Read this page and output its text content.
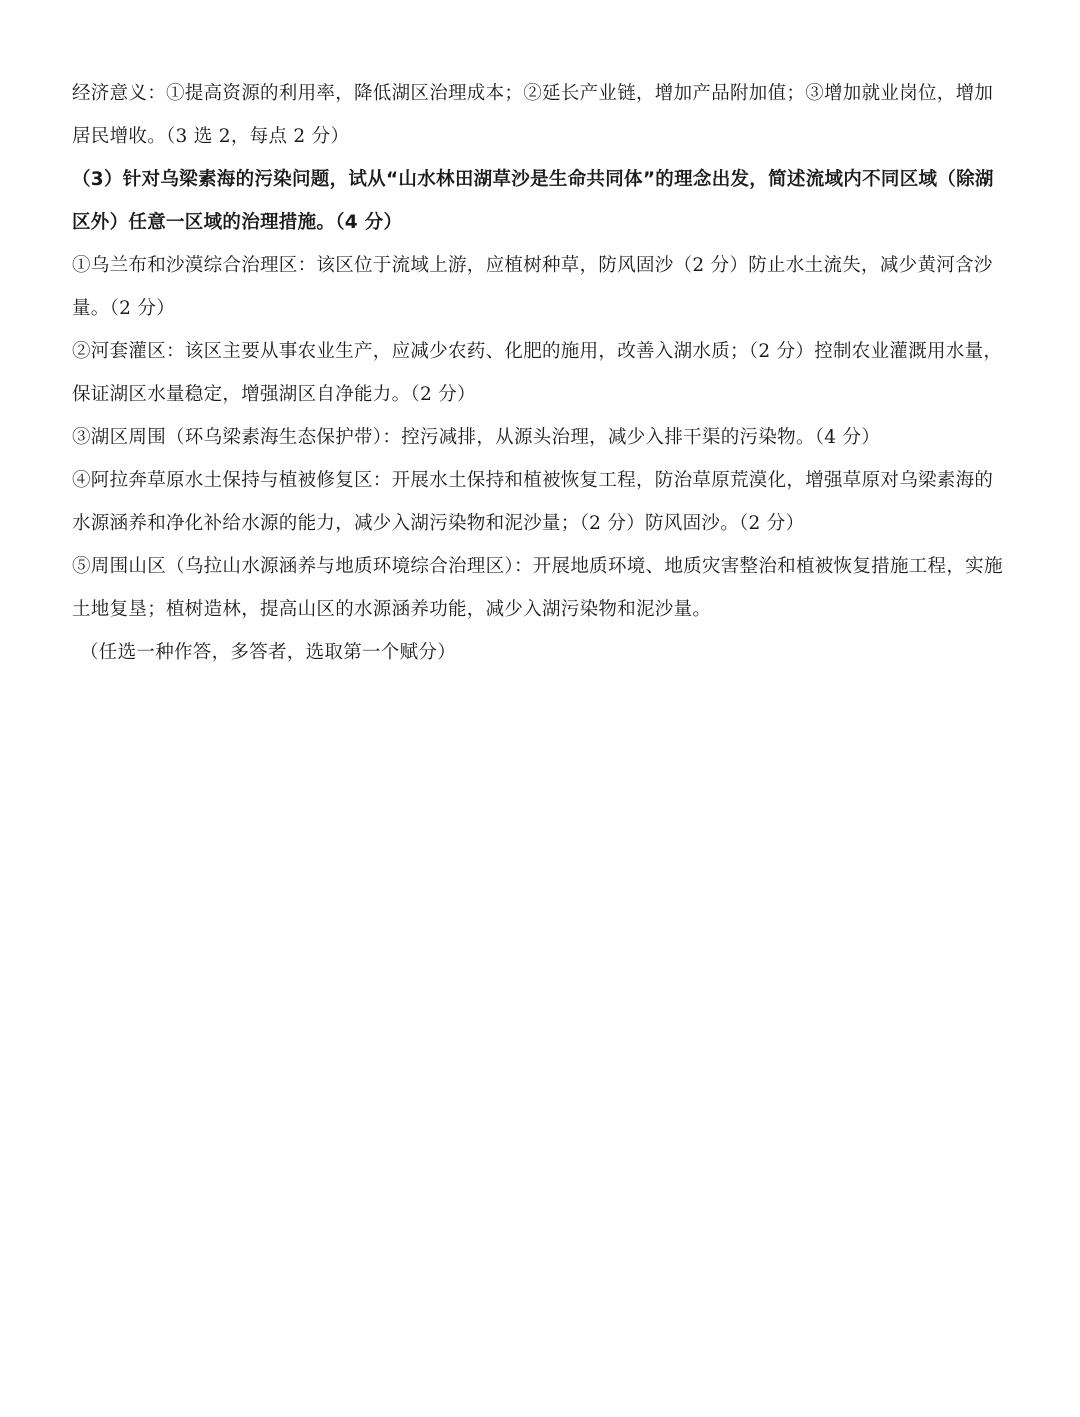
经济意义：①提高资源的利用率，降低湖区治理成本；②延长产业链，增加产品附加值；③增加就业岗位，增加
居民增收。（3 选 2，每点 2 分）
（3）针对乌梁素海的污染问题，试从“山水林田湖草沙是生命共同体”的理念出发，简述流域内不同区域（除湖
区外）任意一区域的治理措施。（4 分）
①乌兰布和沙漠综合治理区：该区位于流域上游，应植树种草，防风固沙（2 分）防止水土流失，减少黄河含沙
量。（2 分）
②河套灌区：该区主要从事农业生产，应减少农药、化肥的施用，改善入湖水质；（2 分）控制农业灌溉用水量，
保证湖区水量稳定，增强湖区自净能力。（2 分）
③湖区周围（环乌梁素海生态保护带）：控污减排，从源头治理，减少入排干渠的污染物。（4 分）
④阿拉奔草原水土保持与植被修复区：开展水土保持和植被恢复工程，防治草原荒漠化，增强草原对乌梁素海的
水源涵养和净化补给水源的能力，减少入湖污染物和泥沙量；（2 分）防风固沙。（2 分）
⑤周围山区（乌拉山水源涵养与地质环境综合治理区）：开展地质环境、地质灾害整治和植被恢复措施工程，实施
土地复垦；植树造林，提高山区的水源涵养功能，减少入湖污染物和泥沙量。
（任选一种作答，多答者，选取第一个赋分）
